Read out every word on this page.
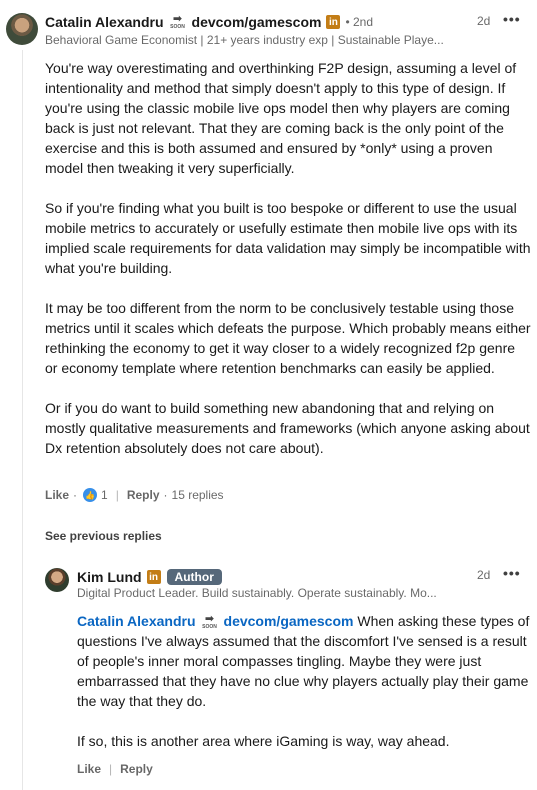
Catalin Alexandru ➡
SOON devcom/gamescom in • 2nd
Behavioral Game Economist | 21+ years industry exp | Sustainable Playe...
2d •••

You're way overestimating and overthinking F2P design, assuming a level of intentionality and method that simply doesn't apply to this type of design. If you're using the classic mobile live ops model then why players are coming back is just not relevant. That they are coming back is the only point of the exercise and this is both assumed and ensured by *only* using a proven model then tweaking it very superficially.

So if you're finding what you built is too bespoke or different to use the usual mobile metrics to accurately or usefully estimate then mobile live ops with its implied scale requirements for data validation may simply be incompatible with what you're building.

It may be too different from the norm to be conclusively testable using those metrics until it scales which defeats the purpose. Which probably means either rethinking the economy to get it way closer to a widely recognized f2p genre or economy template where retention benchmarks can easily be applied.

Or if you do want to build something new abandoning that and relying on mostly qualitative measurements and frameworks (which anyone asking about Dx retention absolutely does not care about).

Like · 👍 1 | Reply · 15 replies
See previous replies
Kim Lund in	Author
Digital Product Leader. Build sustainably. Operate sustainably. Mo...
2d •••

Catalin Alexandru ➡
SOON devcom/gamescom When asking these types of questions I've always assumed that the discomfort I've sensed is a result of people's inner moral compasses tingling. Maybe they were just embarrassed that they have no clue why players actually play their game the way that they do.

If so, this is another area where iGaming is way, way ahead.

Like | Reply
